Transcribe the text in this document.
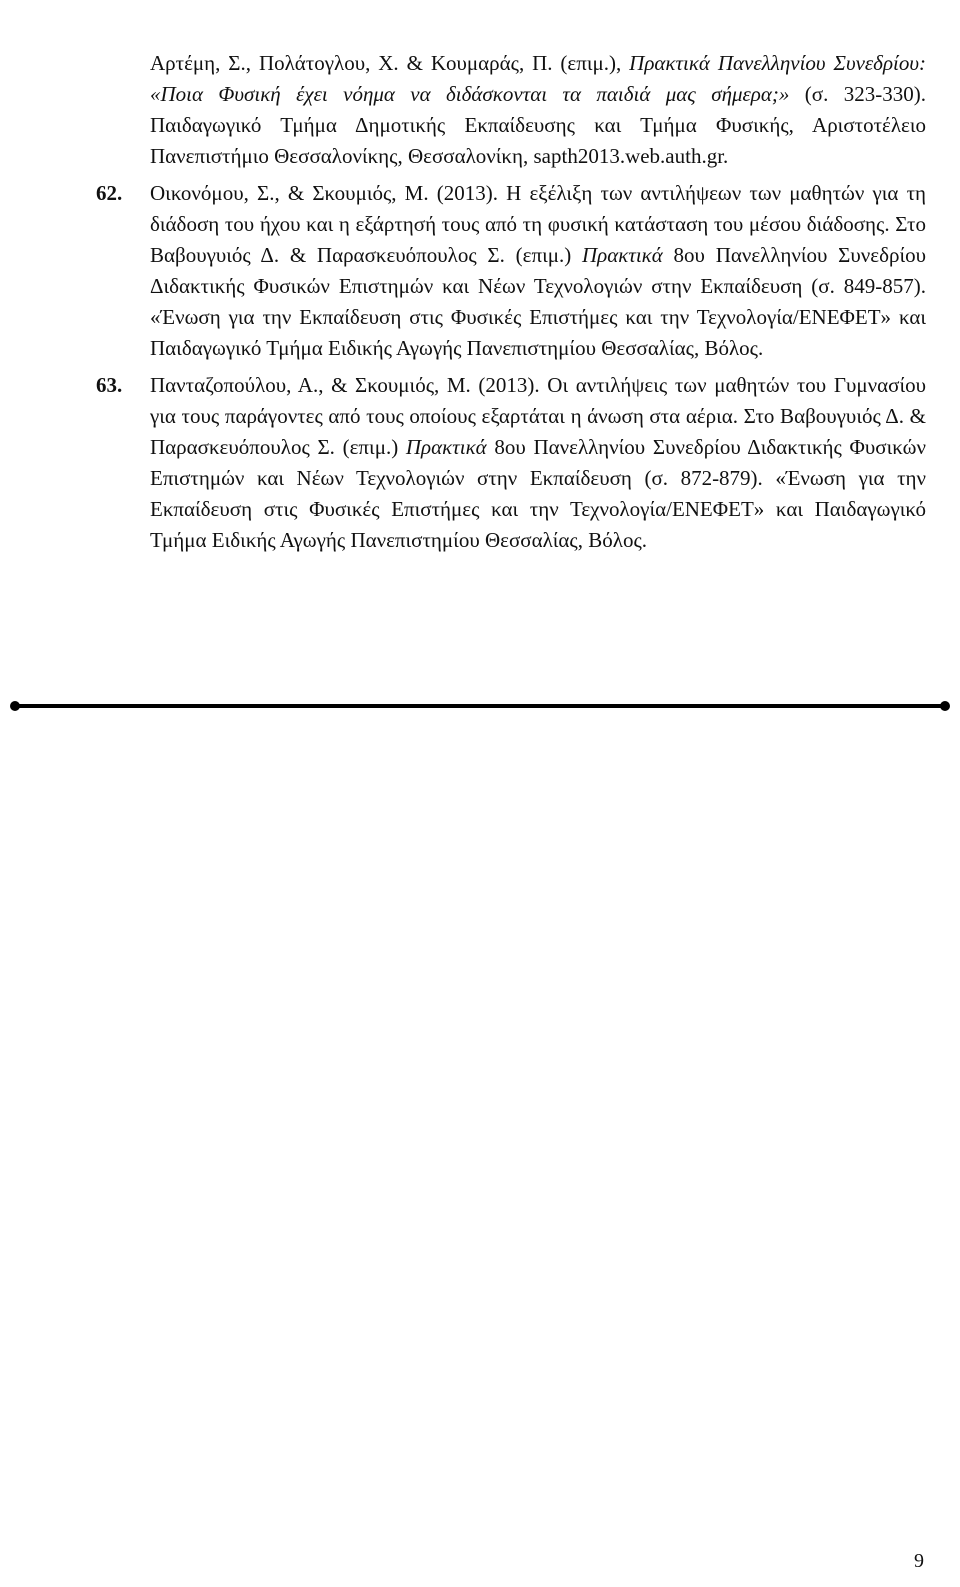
Αρτέμη, Σ., Πολάτογλου, Χ. & Κουμαράς, Π. (επιμ.), Πρακτικά Πανελληνίου Συνεδρίου: «Ποια Φυσική έχει νόημα να διδάσκονται τα παιδιά μας σήμερα;» (σ. 323-330). Παιδαγωγικό Τμήμα Δημοτικής Εκπαίδευσης και Τμήμα Φυσικής, Αριστοτέλειο Πανεπιστήμιο Θεσσαλονίκης, Θεσσαλονίκη, sapth2013.web.auth.gr.
62.	Οικονόμου, Σ., & Σκουμιός, Μ. (2013). Η εξέλιξη των αντιλήψεων των μαθητών για τη διάδοση του ήχου και η εξάρτησή τους από τη φυσική κατάσταση του μέσου διάδοσης. Στο Βαβουγυιός Δ. & Παρασκευόπουλος Σ. (επιμ.) Πρακτικά 8ου Πανελληνίου Συνεδρίου Διδακτικής Φυσικών Επιστημών και Νέων Τεχνολογιών στην Εκπαίδευση (σ. 849-857). «Ένωση για την Εκπαίδευση στις Φυσικές Επιστήμες και την Τεχνολογία/ΕΝΕΦΕΤ» και Παιδαγωγικό Τμήμα Ειδικής Αγωγής Πανεπιστημίου Θεσσαλίας, Βόλος.
63.	Πανταζοπούλου, Α., & Σκουμιός, Μ. (2013). Οι αντιλήψεις των μαθητών του Γυμνασίου για τους παράγοντες από τους οποίους εξαρτάται η άνωση στα αέρια. Στο Βαβουγυιός Δ. & Παρασκευόπουλος Σ. (επιμ.) Πρακτικά 8ου Πανελληνίου Συνεδρίου Διδακτικής Φυσικών Επιστημών και Νέων Τεχνολογιών στην Εκπαίδευση (σ. 872-879). «Ένωση για την Εκπαίδευση στις Φυσικές Επιστήμες και την Τεχνολογία/ΕΝΕΦΕΤ» και Παιδαγωγικό Τμήμα Ειδικής Αγωγής Πανεπιστημίου Θεσσαλίας, Βόλος.
9
